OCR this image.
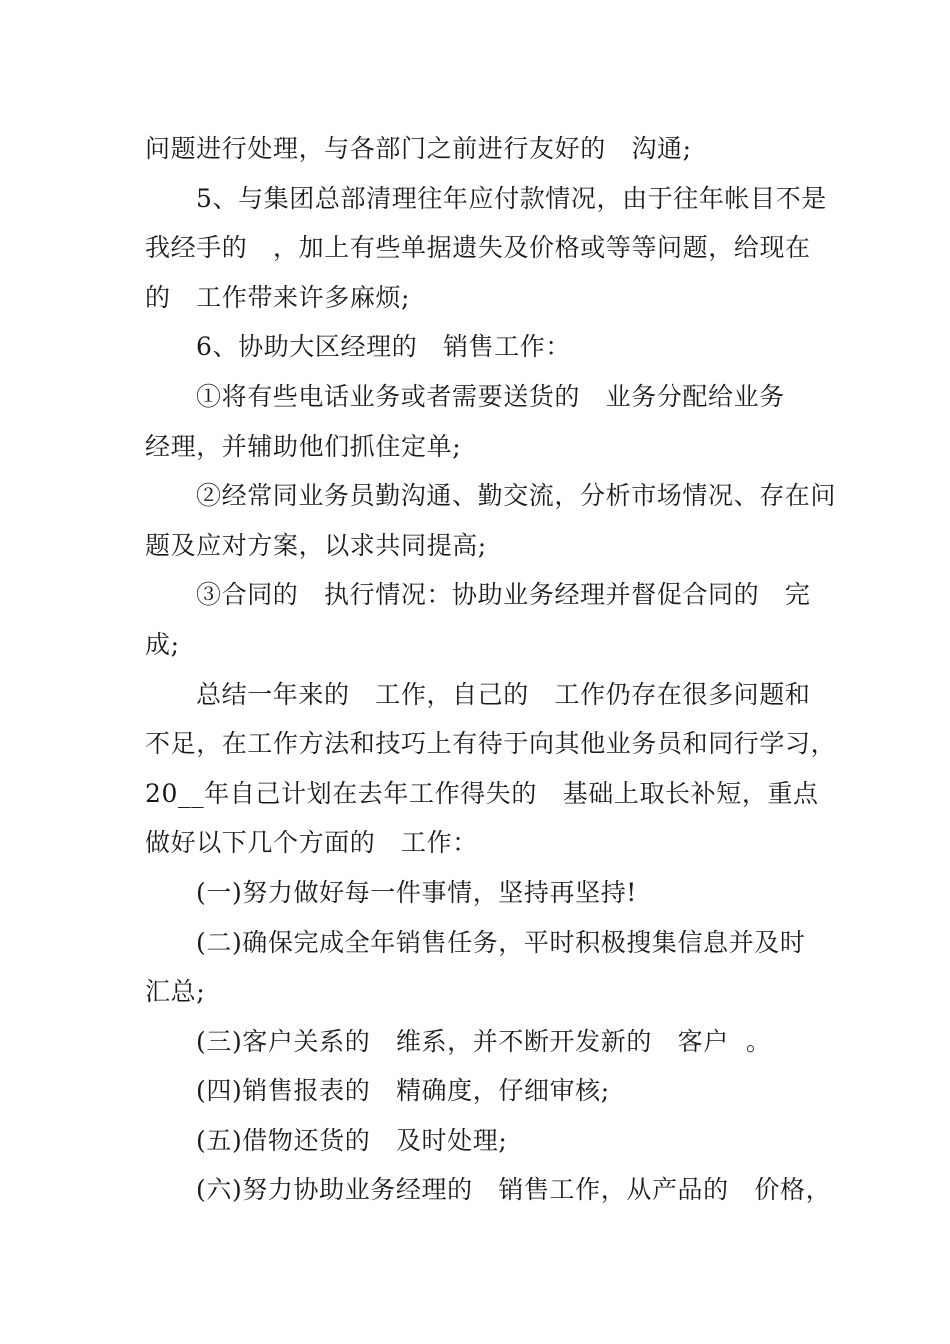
问题进行处理，与各部门之前进行友好的   沟通;
5、与集团总部清理往年应付款情况，由于往年帐目不是
我经手的   ，加上有些单据遗失及价格或等等问题，给现在
的   工作带来许多麻烦;
6、协助大区经理的   销售工作：
①将有些电话业务或者需要送货的   业务分配给业务
经理，并辅助他们抓住定单;
②经常同业务员勤沟通、勤交流，分析市场情况、存在问
题及应对方案，以求共同提高;
③合同的   执行情况：协助业务经理并督促合同的   完
成;
总结一年来的   工作，自己的   工作仍存在很多问题和
不足，在工作方法和技巧上有待于向其他业务员和同行学习，
20__年自己计划在去年工作得失的   基础上取长补短，重点
做好以下几个方面的   工作：
(一)努力做好每一件事情，坚持再坚持!
(二)确保完成全年销售任务，平时积极搜集信息并及时
汇总;
(三)客户关系的   维系，并不断开发新的   客户  。
(四)销售报表的   精确度，仔细审核;
(五)借物还货的   及时处理;
(六)努力协助业务经理的   销售工作，从产品的   价格，
